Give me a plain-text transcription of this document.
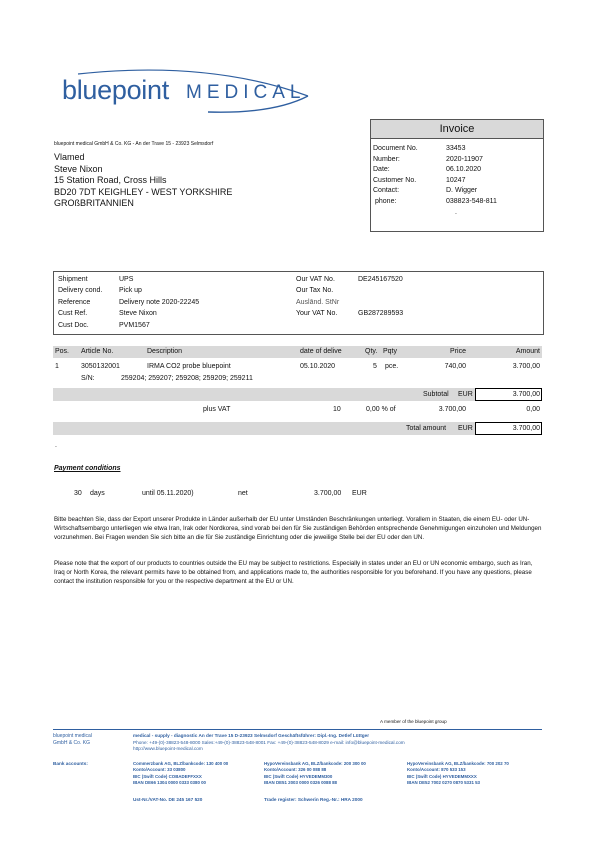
bluepoint MEDICAL
bluepoint medical GmbH & Co. KG - An der Trave 15 - 23923 Selmsdorf
Vlamed
Steve Nixon
15 Station Road, Cross Hills
BD20 7DT KEIGHLEY - WEST YORKSHIRE
GROßBRITANNIEN
Invoice
Document No.	33453
Number:	2020-11907
Date:	06.10.2020
Customer No.	10247
Contact:	D. Wigger
phone:	038823-548-811
.
Shipment	UPS
Delivery cond.	Pick up
Reference	Delivery note 2020-22245
Cust Ref.	Steve Nixon
Cust Doc.	PVM1567
Our VAT No.	DE245167520
Our Tax No.
Auslānd. StNr
Your VAT No.	GB287289593
Pos. Article No.	Description	date of delive	Qty. Pqty	Price	Amount
1	3050132001	IRMA CO2 probe bluepoint	05.10.2020	5 pce.	740,00	3.700,00
S/N:	259204; 259207; 259208; 259209; 259211
Subtotal EUR	3.700,00
plus VAT	10	0,00 % of	3.700,00	0,00
Total amount EUR	3.700,00
.
Payment conditions
30 days	until 05.11.2020)	net	3.700,00 EUR
Bitte beachten Sie, dass der Export unserer Produkte in Länder außerhalb der EU unter Umständen Beschränkungen unterliegt. Vorallem in Staaten, die einem EU- oder UN-Wirtschaftsembargo unterliegen wie etwa Iran, Irak oder Nordkorea, sind vorab bei den für Sie zuständigen Behörden entsprechende Genehmigungen einzuholen und Meldungen vorzunehmen. Bei Fragen wenden Sie sich bitte an die für Sie zuständige Einrichtung oder die jeweilige Stelle bei der EU oder den UN.
Please note that the export of our products to countries outside the EU may be subject to restrictions. Especially in states under an EU or UN economic embargo, such as Iran, Iraq or North Korea, the relevant permits have to be obtained from, and applications made to, the authorities responsible for you beforehand. If you have any questions, please contact the institution responsible for you or the respective department at the EU or UN.
A member of the bluepoint group
bluepoint medical
GmbH & Co. KG
medical - supply - diagnostic An der Trave 15 D-23923 Selmsdorf Geschäftsführer: Dipl.-Ing. Detlef Lüttger
Phone: +49-(0)-38823-548-8000 Sales:+49-(0)-38823-548-8001 Fax: +49-(0)-38823-548-8029 e-mail: info@bluepoint-medical.com
http://www.bluepoint-medical.com
Bank accounts:	Commerzbank AG, BLZ/bankcode: 130 400 00
Konto/Account: 33 03800
BIC (Swift Code) COBADEFFXXX
IBAN DE66 1304 0000 0333 0380 00
HypoVereinsbank AG, BLZ/bankcode: 200 300 00
Konto/Account: 326 00 088 88
BIC (Swift Code) HYVEDEMM300
IBAN DE51 2003 0000 0326 0088 88
HypoVereinsbank AG, BLZ/bankcode: 700 202 70
Konto/Account: 870 533 153
BIC (Swift Code) HYVEDEMMXXX
IBAN DE52 7002 0270 0870 5331 53
Ust-Nr./VAT-No. DE 245 167 520	Trade register: Schwerin Reg.-Nr.: HRA 2000
